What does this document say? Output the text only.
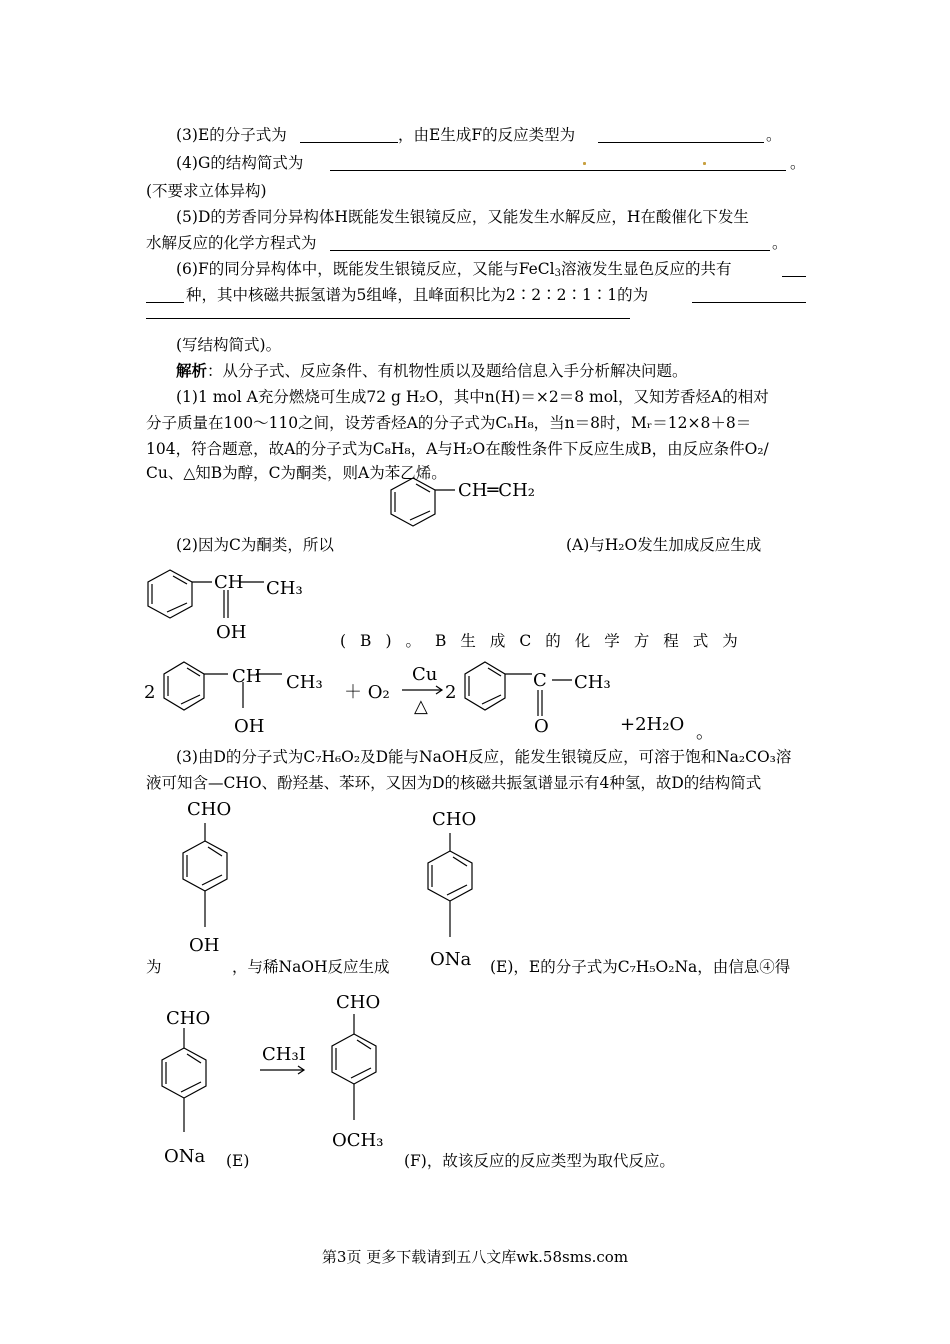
(3)E的分子式为	，由E生成F的反应类型为	。
(4)G的结构简式为	。
(不要求立体异构)
(5)D的芳香同分异构体H既能发生银镜反应，又能发生水解反应，H在酸催化下发生
水解反应的化学方程式为	。
(6)F的同分异构体中，既能发生银镜反应，又能与FeCl$_3$溶液发生显色反应的共有
种，其中核磁共振氢谱为5组峰，且峰面积比为2∶2∶2∶1∶1的为
(写结构简式)。
解析：从分子式、反应条件、有机物性质以及题给信息入手分析解决问题。
(1)1 mol A充分燃烧可生成72 g H₂O，其中n(H)＝×2＝8 mol，又知芳香烃A的相对
分子质量在100～110之间，设芳香烃A的分子式为CₙH₈，当n＝8时，Mᵣ＝12×8＋8＝
104，符合题意，故A的分子式为C₈H₈，A与H₂O在酸性条件下反应生成B，由反应条件O₂/
Cu、△知B为醇，C为酮类，则A为苯乙烯。
CH═CH₂
(2)因为C为酮类，所以	(A)与H₂O发生加成反应生成
CH CH₃
OH	(B)。B生成C的化学方程式为
2
CH CH₃
OH
＋ O₂
Cu
△
2
C CH₃
O	+2H₂O 。
(3)由D的分子式为C₇H₆O₂及D能与NaOH反应，能发生银镜反应，可溶于饱和Na₂CO₃溶
液可知含—CHO、酚羟基、苯环，又因为D的核磁共振氢谱显示有4种氢，故D的结构简式
CHO
OH
为	，与稀NaOH反应生成
CHO
ONa (E)，E的分子式为C₇H₅O₂Na，由信息④得
CHO
ONa
CH₃I
CHO
OCH₃
(E)	(F)，故该反应的反应类型为取代反应。
第3页 更多下载请到五八文库wk.58sms.com
